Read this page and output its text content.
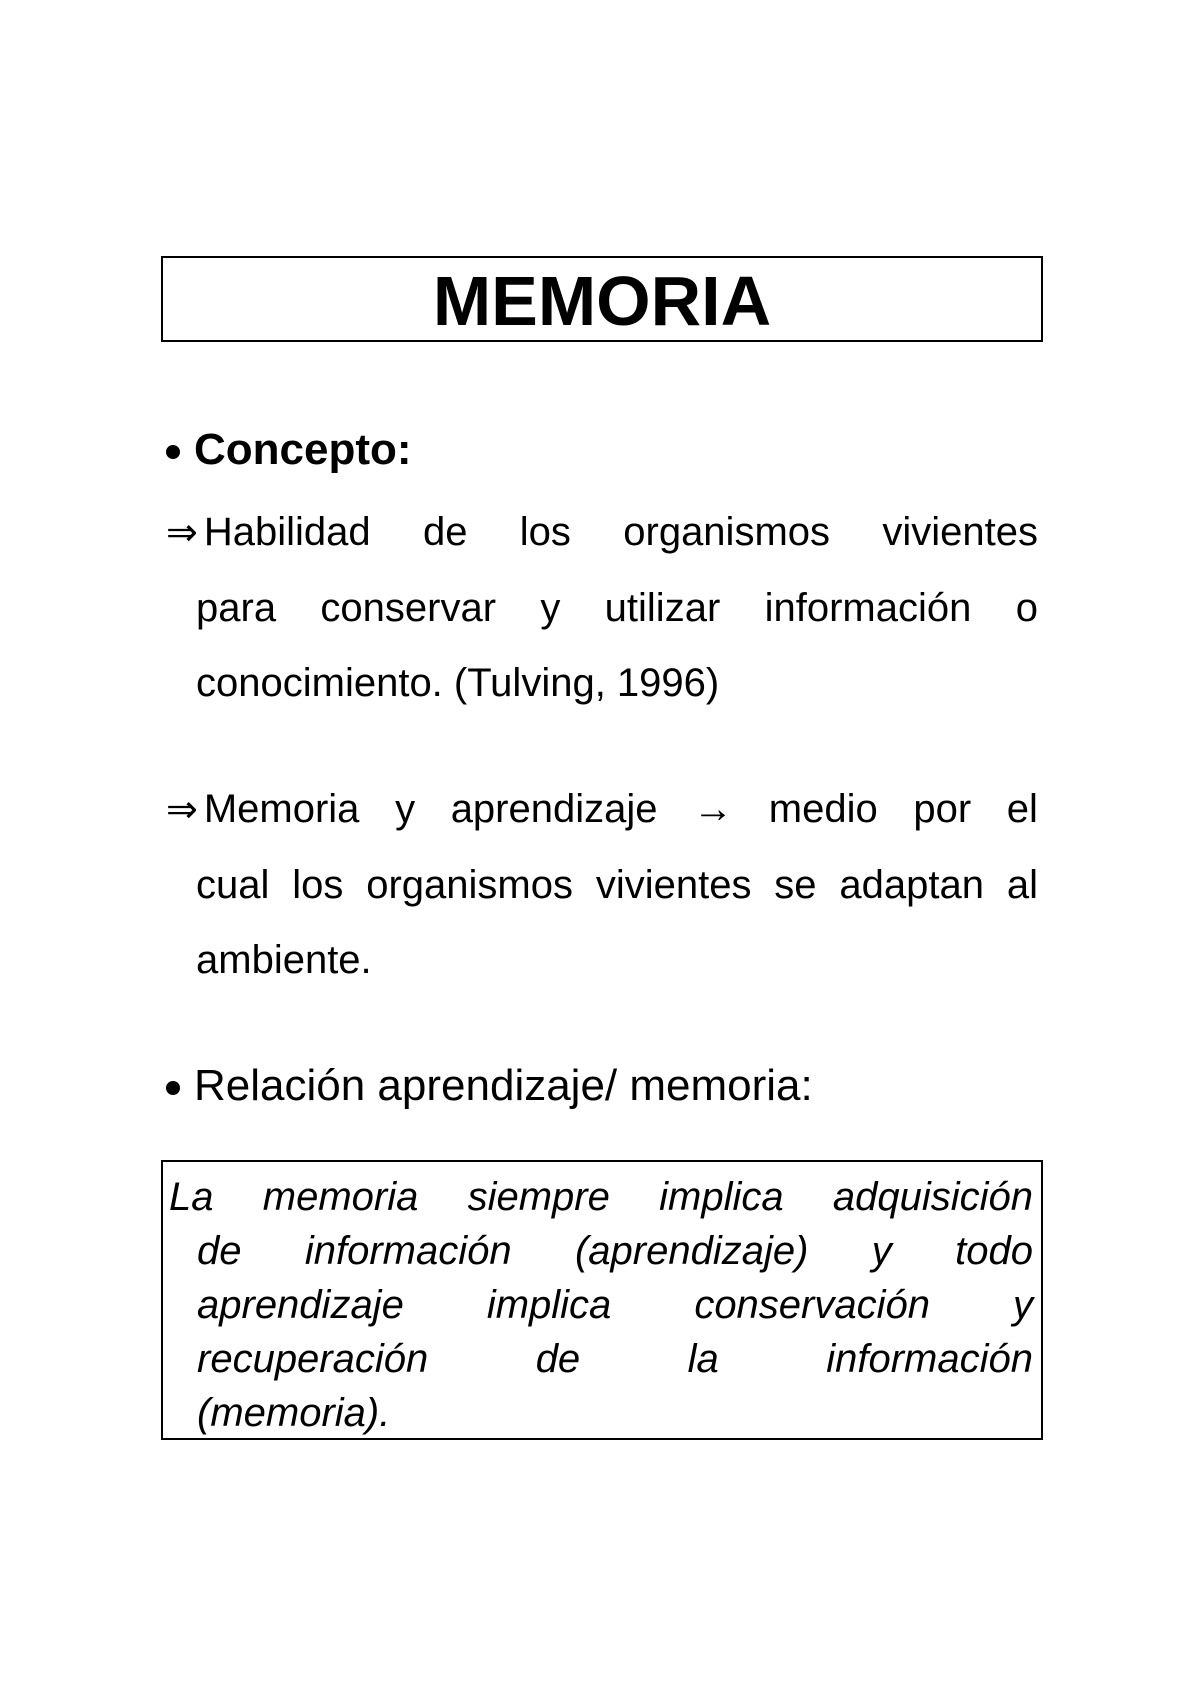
MEMORIA
Concepto:
⇒ Habilidad de los organismos vivientes
para conservar y utilizar información o
conocimiento. (Tulving, 1996)
⇒ Memoria y aprendizaje → medio por el
cual los organismos vivientes se adaptan al
ambiente.
Relación aprendizaje/ memoria:
La memoria siempre implica adquisición
de información (aprendizaje) y todo
aprendizaje implica conservación y
recuperación	de	la	información
(memoria).
